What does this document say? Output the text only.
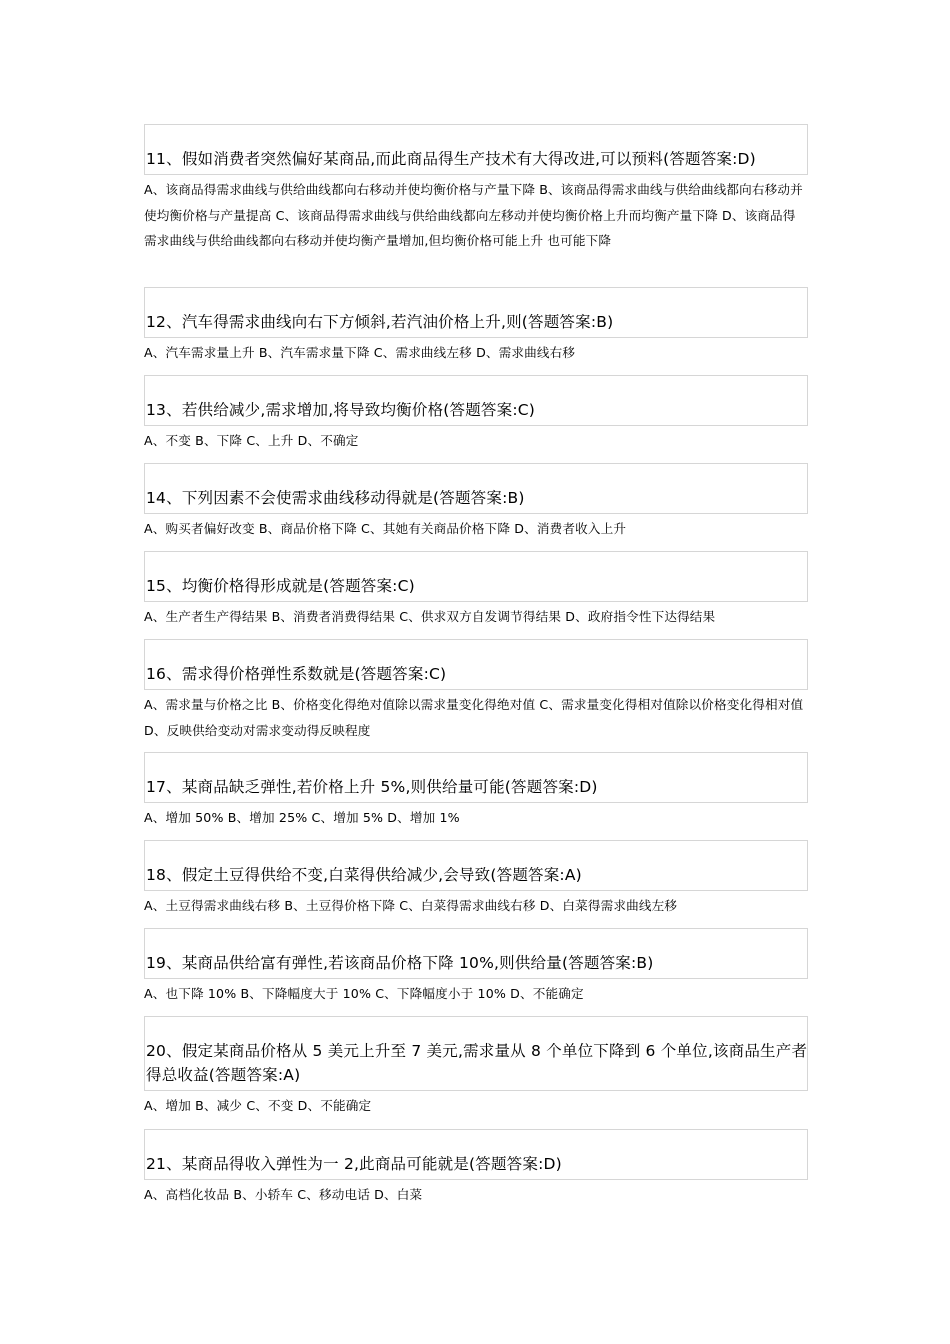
11、假如消费者突然偏好某商品,而此商品得生产技术有大得改进,可以预料(答题答案:D)
A、该商品得需求曲线与供给曲线都向右移动并使均衡价格与产量下降 B、该商品得需求曲线与供给曲线都向右移动并使均衡价格与产量提高 C、该商品得需求曲线与供给曲线都向左移动并使均衡价格上升而均衡产量下降 D、该商品得需求曲线与供给曲线都向右移动并使均衡产量增加,但均衡价格可能上升 也可能下降
12、汽车得需求曲线向右下方倾斜,若汽油价格上升,则(答题答案:B)
A、汽车需求量上升 B、汽车需求量下降 C、需求曲线左移 D、需求曲线右移
13、若供给减少,需求增加,将导致均衡价格(答题答案:C)
A、不变 B、下降 C、上升 D、不确定
14、下列因素不会使需求曲线移动得就是(答题答案:B)
A、购买者偏好改变 B、商品价格下降 C、其她有关商品价格下降 D、消费者收入上升
15、均衡价格得形成就是(答题答案:C)
A、生产者生产得结果 B、消费者消费得结果 C、供求双方自发调节得结果 D、政府指令性下达得结果
16、需求得价格弹性系数就是(答题答案:C)
A、需求量与价格之比 B、价格变化得绝对值除以需求量变化得绝对值 C、需求量变化得相对值除以价格变化得相对值 D、反映供给变动对需求变动得反映程度
17、某商品缺乏弹性,若价格上升 5%,则供给量可能(答题答案:D)
A、增加 50% B、增加 25% C、增加 5% D、增加 1%
18、假定土豆得供给不变,白菜得供给减少,会导致(答题答案:A)
A、土豆得需求曲线右移 B、土豆得价格下降 C、白菜得需求曲线右移 D、白菜得需求曲线左移
19、某商品供给富有弹性,若该商品价格下降 10%,则供给量(答题答案:B)
A、也下降 10% B、下降幅度大于 10% C、下降幅度小于 10% D、不能确定
20、假定某商品价格从 5 美元上升至 7 美元,需求量从 8 个单位下降到 6 个单位,该商品生产者得总收益(答题答案:A)
A、增加 B、减少 C、不变 D、不能确定
21、某商品得收入弹性为一 2,此商品可能就是(答题答案:D)
A、高档化妆品 B、小轿车 C、移动电话 D、白菜
